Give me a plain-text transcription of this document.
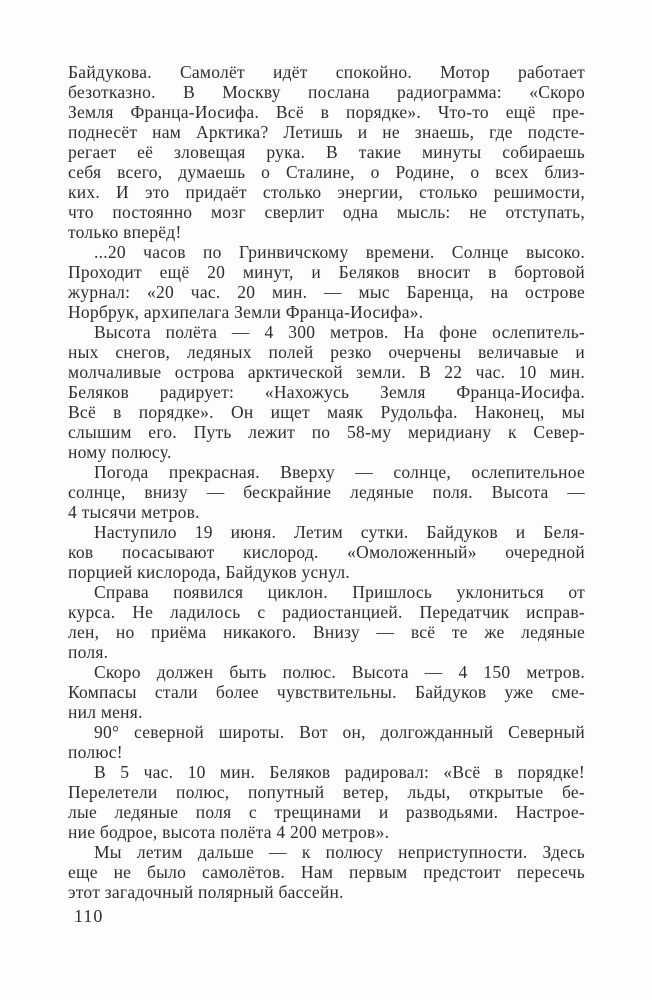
Байдукова. Самолёт идёт спокойно. Мотор работает
безотказно. В Москву послана радиограмма: «Скоро
Земля Франца-Иосифа. Всё в порядке». Что-то ещё пре-
поднесёт нам Арктика? Летишь и не знаешь, где подсте-
регает её зловещая рука. В такие минуты собираешь
себя всего, думаешь о Сталине, о Родине, о всех близ-
ких. И это придаёт столько энергии, столько решимости,
что постоянно мозг сверлит одна мысль: не отступать,
только вперёд!
...20 часов по Гринвичскому времени. Солнце высоко.
Проходит ещё 20 минут, и Беляков вносит в бортовой
журнал: «20 час. 20 мин. — мыс Баренца, на острове
Норбрук, архипелага Земли Франца-Иосифа».
Высота полёта — 4 300 метров. На фоне ослепитель-
ных снегов, ледяных полей резко очерчены величавые и
молчаливые острова арктической земли. В 22 час. 10 мин.
Беляков радирует: «Нахожусь Земля Франца-Иосифа.
Всё в порядке». Он ищет маяк Рудольфа. Наконец, мы
слышим его. Путь лежит по 58-му меридиану к Север-
ному полюсу.
Погода прекрасная. Вверху — солнце, ослепительное
солнце, внизу — бескрайние ледяные поля. Высота —
4 тысячи метров.
Наступило 19 июня. Летим сутки. Байдуков и Беля-
ков посасывают кислород. «Омоложенный» очередной
порцией кислорода, Байдуков уснул.
Справа появился циклон. Пришлось уклониться от
курса. Не ладилось с радиостанцией. Передатчик исправ-
лен, но приёма никакого. Внизу — всё те же ледяные
поля.
Скоро должен быть полюс. Высота — 4 150 метров.
Компасы стали более чувствительны. Байдуков уже сме-
нил меня.
90° северной широты. Вот он, долгожданный Северный
полюс!
В 5 час. 10 мин. Беляков радировал: «Всё в порядке!
Перелетели полюс, попутный ветер, льды, открытые бе-
лые ледяные поля с трещинами и разводьями. Настрое-
ние бодрое, высота полёта 4 200 метров».
Мы летим дальше — к полюсу неприступности. Здесь
еще не было самолётов. Нам первым предстоит пересечь
этот загадочный полярный бассейн.
110
